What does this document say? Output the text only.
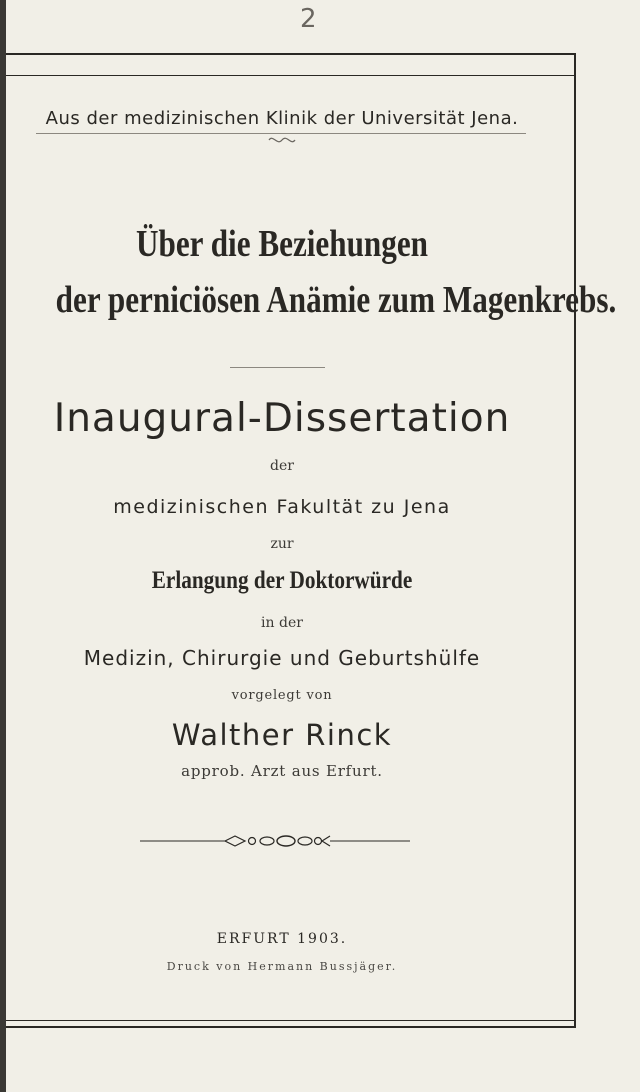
2
Aus der medizinischen Klinik der Universität Jena.
Über die Beziehungen
der perniciösen Anämie zum Magenkrebs.
Inaugural-Dissertation
der
medizinischen Fakultät zu Jena
zur
Erlangung der Doktorwürde
in der
Medizin, Chirurgie und Geburtshülfe
vorgelegt von
Walther Rinck
approb. Arzt aus Erfurt.
ERFURT 1903.
Druck von Hermann Bussjäger.
